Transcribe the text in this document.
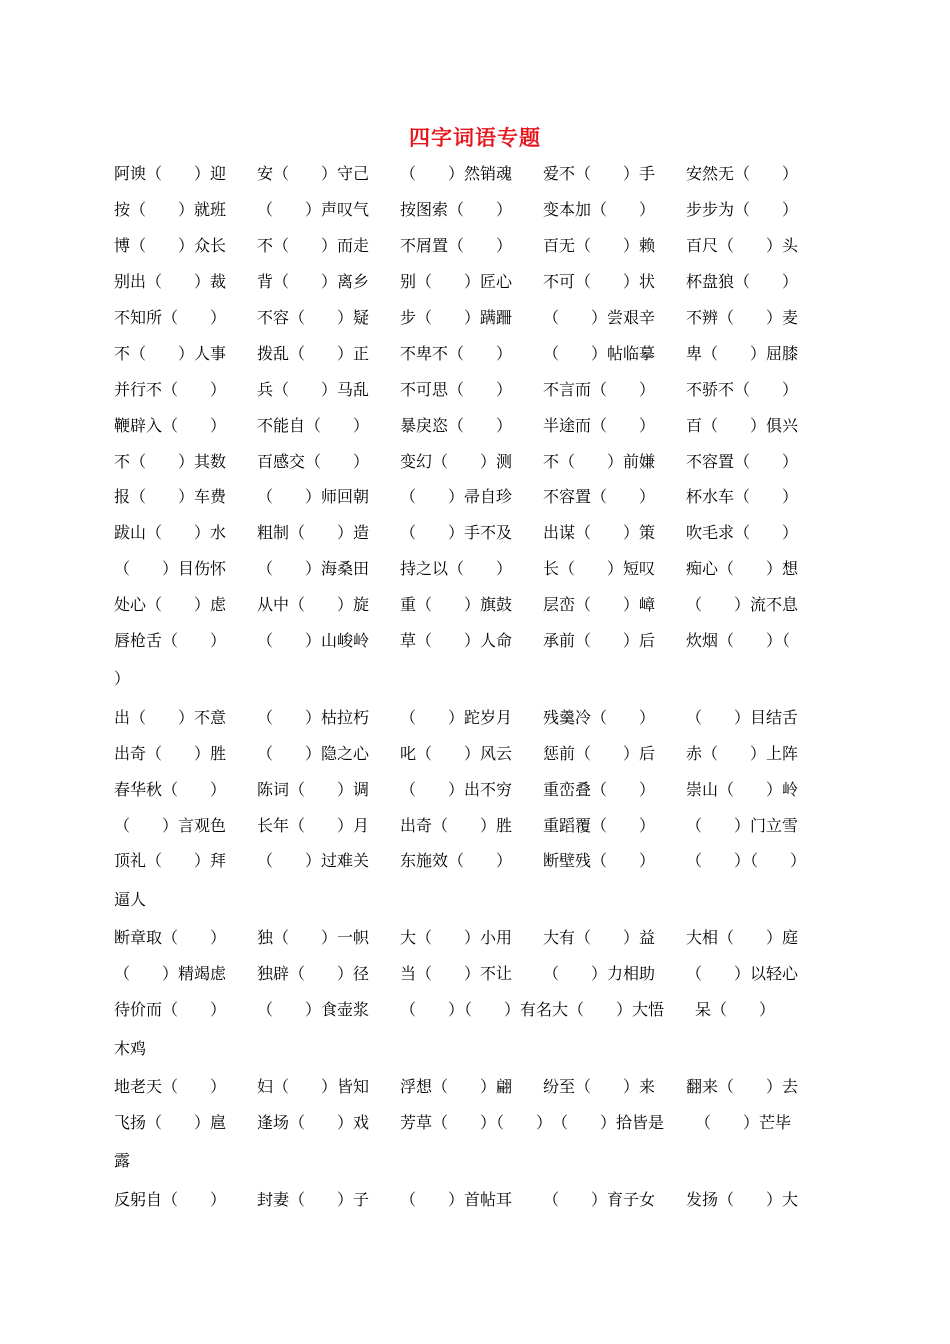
四字词语专题
阿谀（　　）迎	安（　　）守己	（　　）然销魂	爱不（　　）手	安然无（　　）
按（　　）就班	（　　）声叹气	按图索（　　）	变本加（　　）	步步为（　　）
博（　　）众长	不（　　）而走	不屑置（　　）	百无（　　）赖	百尺（　　）头
别出（　　）裁	背（　　）离乡	别（　　）匠心	不可（　　）状	杯盘狼（　　）
不知所（　　）	不容（　　）疑	步（　　）蹒跚	（　　）尝艰辛	不辨（　　）麦
不（　　）人事	拨乱（　　）正	不卑不（　　）	（　　）帖临摹	卑（　　）屈膝
并行不（　　）	兵（　　）马乱	不可思（　　）	不言而（　　）	不骄不（　　）
鞭辟入（　　）	不能自（　　）	暴戾恣（　　）	半途而（　　）	百（　　）俱兴
不（　　）其数	百感交（　　）	变幻（　　）测	不（　　）前嫌	不容置（　　）
报（　　）车费	（　　）师回朝	（　　）帚自珍	不容置（　　）	杯水车（　　）
跋山（　　）水	粗制（　　）造	（　　）手不及	出谋（　　）策	吹毛求（　　）
（　　）目伤怀	（　　）海桑田	持之以（　　）	长（　　）短叹	痴心（　　）想
处心（　　）虑	从中（　　）旋	重（　　）旗鼓	层峦（　　）嶂	（　　）流不息
唇枪舌（　　）	（　　）山峻岭	草（　　）人命	承前（　　）后	炊烟（　　）（
）
出（　　）不意	（　　）枯拉朽	（　　）跎岁月	残羹冷（　　）	（　　）目结舌
出奇（　　）胜	（　　）隐之心	叱（　　）风云	惩前（　　）后	赤（　　）上阵
春华秋（　　）	陈词（　　）调	（　　）出不穷	重峦叠（　　）	崇山（　　）岭
（　　）言观色	长年（　　）月	出奇（　　）胜	重蹈覆（　　）	（　　）门立雪
顶礼（　　）拜	（　　）过难关	东施效（　　）	断壁残（　　）	（　　）（　　）
逼人
断章取（　　）	独（　　）一帜	大（　　）小用	大有（　　）益	大相（　　）庭
（　　）精竭虑	独辟（　　）径	当（　　）不让	（　　）力相助	（　　）以轻心
待价而（　　）	（　　）食壶浆	（　　）（　　）有名 大（　　）大悟	呆（　　）
木鸡
地老天（　　）	妇（　　）皆知	浮想（　　）翩	纷至（　　）来	翻来（　　）去
飞扬（　　）扈	逢场（　　）戏	芳草（　　）（　　） （　　）拾皆是	（　　）芒毕
露
反躬自（　　）	封妻（　　）子	（　　）首帖耳	（　　）育子女	发扬（　　）大
